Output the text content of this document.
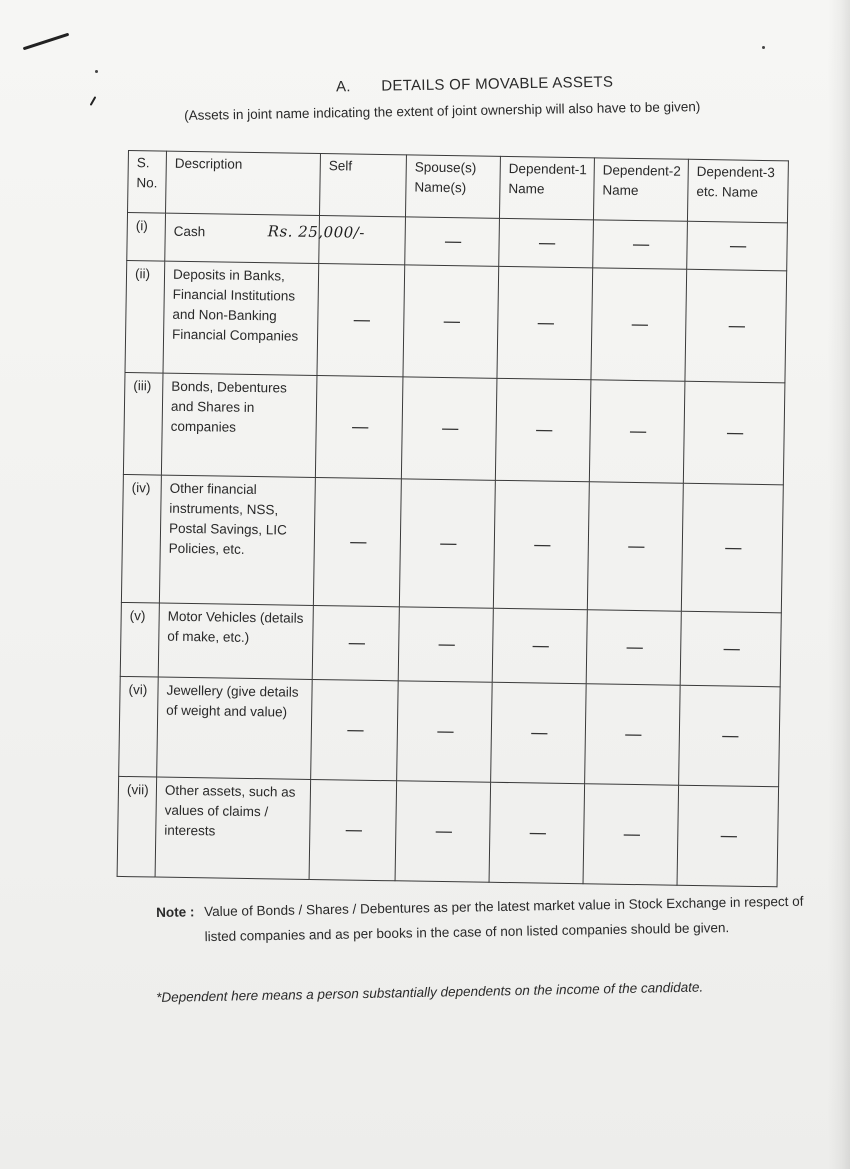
A. DETAILS OF MOVABLE ASSETS
(Assets in joint name indicating the extent of joint ownership will also have to be given)
S. No.	Description	Self	Spouse(s) Name(s)	Dependent-1 Name	Dependent-2 Name	Dependent-3 etc. Name
(i)	Cash	Rs. 25,000/-	—	—	—	—
(ii)	Deposits in Banks, Financial Institutions and Non-Banking Financial Companies	—	—	—	—	—
(iii)	Bonds, Debentures and Shares in companies	—	—	—	—	—
(iv)	Other financial instruments, NSS, Postal Savings, LIC Policies, etc.	—	—	—	—	—
(v)	Motor Vehicles (details of make, etc.)	—	—	—	—	—
(vi)	Jewellery (give details of weight and value)	—	—	—	—	—
(vii)	Other assets, such as values of claims / interests	—	—	—	—	—
Note : Value of Bonds / Shares / Debentures as per the latest market value in Stock Exchange in respect of listed companies and as per books in the case of non listed companies should be given.
*Dependent here means a person substantially dependents on the income of the candidate.
